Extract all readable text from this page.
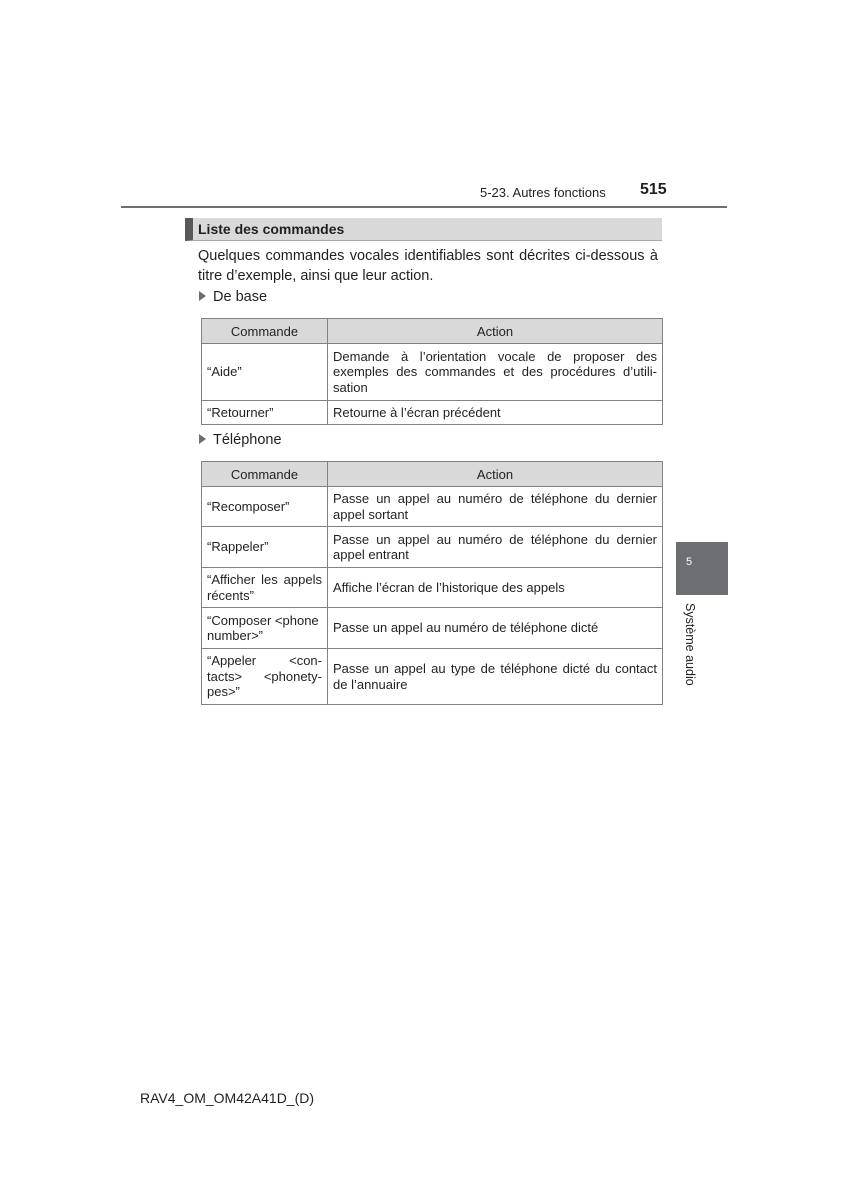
5-23. Autres fonctions 515
Liste des commandes
Quelques commandes vocales identifiables sont décrites ci-dessous à titre d’exemple, ainsi que leur action.
De base
Commande	Action
“Aide”	Demande à l’orientation vocale de proposer des exemples des commandes et des procédures d’utili-sation
“Retourner”	Retourne à l’écran précédent
Téléphone
Commande	Action
“Recomposer”	Passe un appel au numéro de téléphone du dernier appel sortant
“Rappeler”	Passe un appel au numéro de téléphone du dernier appel entrant
“Afficher les appels récents”	Affiche l’écran de l’historique des appels
“Composer <phone number>”	Passe un appel au numéro de téléphone dicté
“Appeler <con-tacts> <phonety-pes>”	Passe un appel au type de téléphone dicté du contact de l’annuaire
5
Système audio
RAV4_OM_OM42A41D_(D)
